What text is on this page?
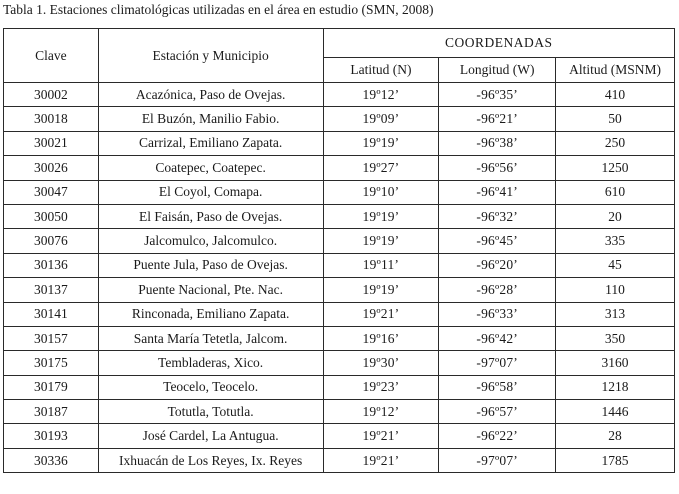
Tabla 1. Estaciones climatológicas utilizadas en el área en estudio (SMN, 2008)
Clave	Estación y Municipio	COORDENADAS		
		Latitud (N)	Longitud (W)	Altitud (MSNM)
30002	Acazónica, Paso de Ovejas.	19º12’	-96º35’	410
30018	El Buzón, Manilio Fabio.	19º09’	-96º21’	50
30021	Carrizal, Emiliano Zapata.	19º19’	-96º38’	250
30026	Coatepec, Coatepec.	19º27’	-96º56’	1250
30047	El Coyol, Comapa.	19º10’	-96º41’	610
30050	El Faisán, Paso de Ovejas.	19º19’	-96º32’	20
30076	Jalcomulco, Jalcomulco.	19º19’	-96º45’	335
30136	Puente Jula, Paso de Ovejas.	19º11’	-96º20’	45
30137	Puente Nacional, Pte. Nac.	19º19’	-96º28’	110
30141	Rinconada, Emiliano Zapata.	19º21’	-96º33’	313
30157	Santa María Tetetla, Jalcom.	19º16’	-96º42’	350
30175	Tembladeras, Xico.	19º30’	-97º07’	3160
30179	Teocelo, Teocelo.	19º23’	-96º58’	1218
30187	Totutla, Totutla.	19º12’	-96º57’	1446
30193	José Cardel, La Antugua.	19º21’	-96º22’	28
30336	Ixhuacán de Los Reyes, Ix. Reyes	19º21’	-97º07’	1785
